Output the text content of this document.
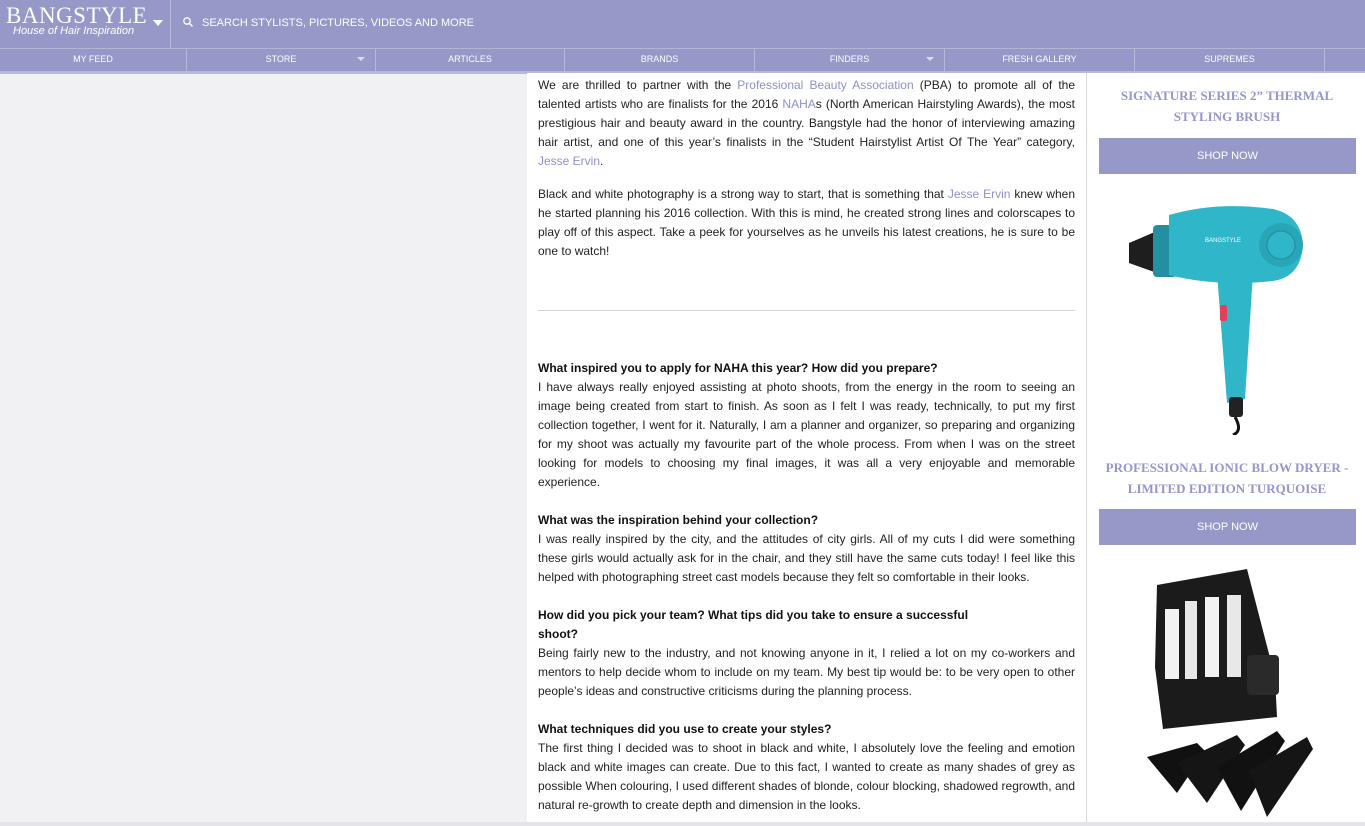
BANGSTYLE
House of Hair Inspiration
SEARCH STYLISTS, PICTURES, VIDEOS AND MORE
MY FEED	STORE	ARTICLES	BRANDS	FINDERS	FRESH GALLERY	SUPREMES

We are thrilled to partner with the Professional Beauty Association (PBA) to promote all of the talented artists who are finalists for the 2016 NAHAs (North American Hairstyling Awards), the most prestigious hair and beauty award in the country. Bangstyle had the honor of interviewing amazing hair artist, and one of this year’s finalists in the “Student Hairstylist Artist Of The Year” category, Jesse Ervin.

Black and white photography is a strong way to start, that is something that Jesse Ervin knew when he started planning his 2016 collection. With this is mind, he created strong lines and colorscapes to play off of this aspect. Take a peek for yourselves as he unveils his latest creations, he is sure to be one to watch!

What inspired you to apply for NAHA this year? How did you prepare?
I have always really enjoyed assisting at photo shoots, from the energy in the room to seeing an image being created from start to finish. As soon as I felt I was ready, technically, to put my first collection together, I went for it. Naturally, I am a planner and organizer, so preparing and organizing for my shoot was actually my favourite part of the whole process. From when I was on the street looking for models to choosing my final images, it was all a very enjoyable and memorable experience.

What was the inspiration behind your collection?
I was really inspired by the city, and the attitudes of city girls. All of my cuts I did were something these girls would actually ask for in the chair, and they still have the same cuts today! I feel like this helped with photographing street cast models because they felt so comfortable in their looks.

How did you pick your team? What tips did you take to ensure a successful
shoot?
Being fairly new to the industry, and not knowing anyone in it, I relied a lot on my co-workers and mentors to help decide whom to include on my team. My best tip would be: to be very open to other people’s ideas and constructive criticisms during the planning process.

What techniques did you use to create your styles?
The first thing I decided was to shoot in black and white, I absolutely love the feeling and emotion black and white images can create. Due to this fact, I wanted to create as many shades of grey as possible When colouring, I used different shades of blonde, colour blocking, shadowed regrowth, and natural re-growth to create depth and dimension in the looks.

SIGNATURE SERIES 2” THERMAL STYLING BRUSH
SHOP NOW
BANGSTYLE
PROFESSIONAL IONIC BLOW DRYER - LIMITED EDITION TURQUOISE
SHOP NOW
